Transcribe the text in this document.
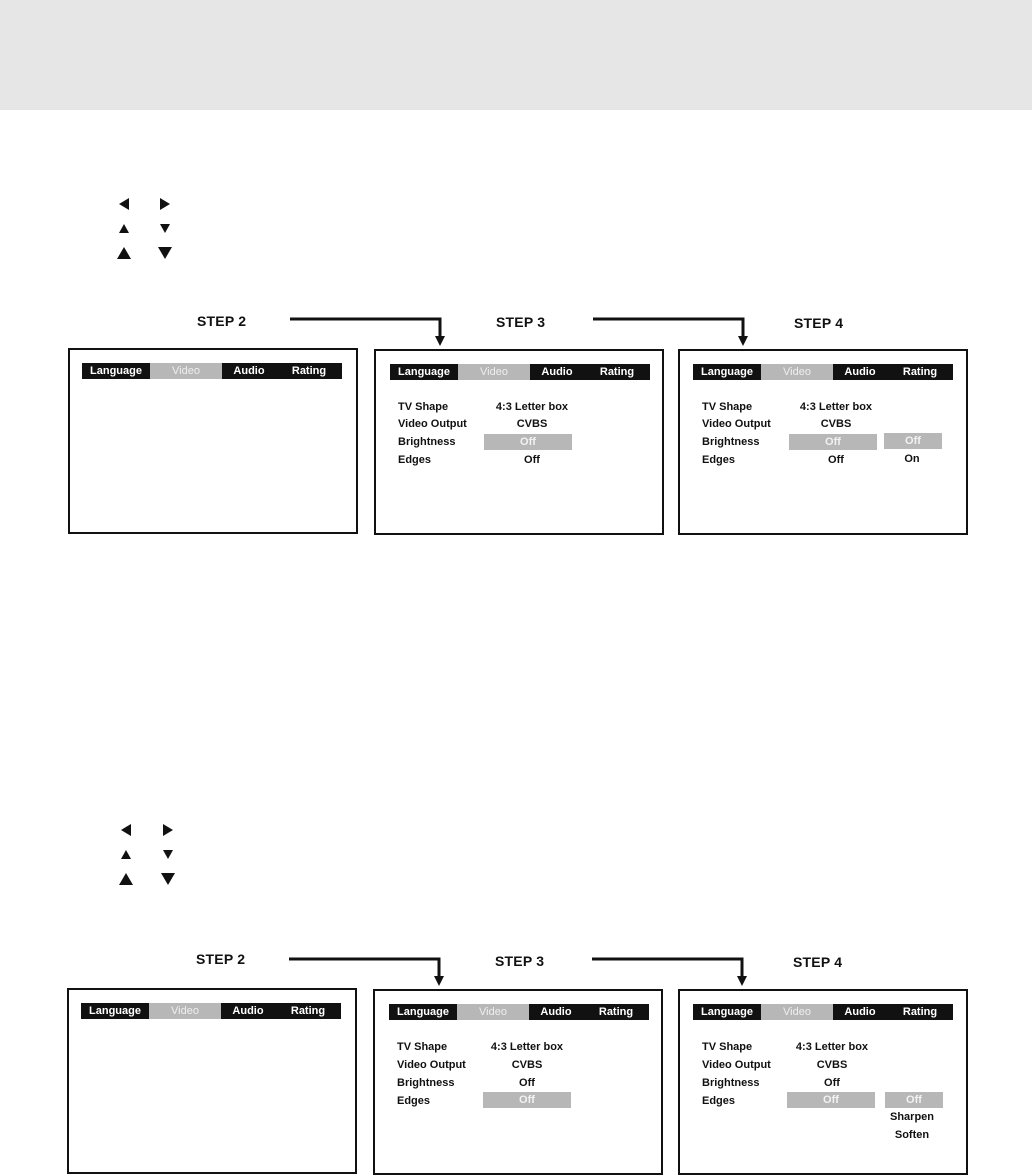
STEP 2	STEP 3	STEP 4
Language	Video	Audio	Rating	Language	Video	Audio	Rating
TV Shape	4:3 Letter box
Video Output	CVBS
Brightness	Off
Edges	Off
Language	Video	Audio	Rating
TV Shape	4:3 Letter box
Video Output	CVBS
Brightness	Off
Edges	Off
Off
On
STEP 2	STEP 3	STEP 4
Language	Video	Audio	Rating	Language	Video	Audio	Rating
TV Shape	4:3 Letter box
Video Output	CVBS
Brightness	Off
Edges	Off
Language	Video	Audio	Rating
TV Shape	4:3 Letter box
Video Output	CVBS
Brightness	Off
Edges	Off	Off
Sharpen
Soften
